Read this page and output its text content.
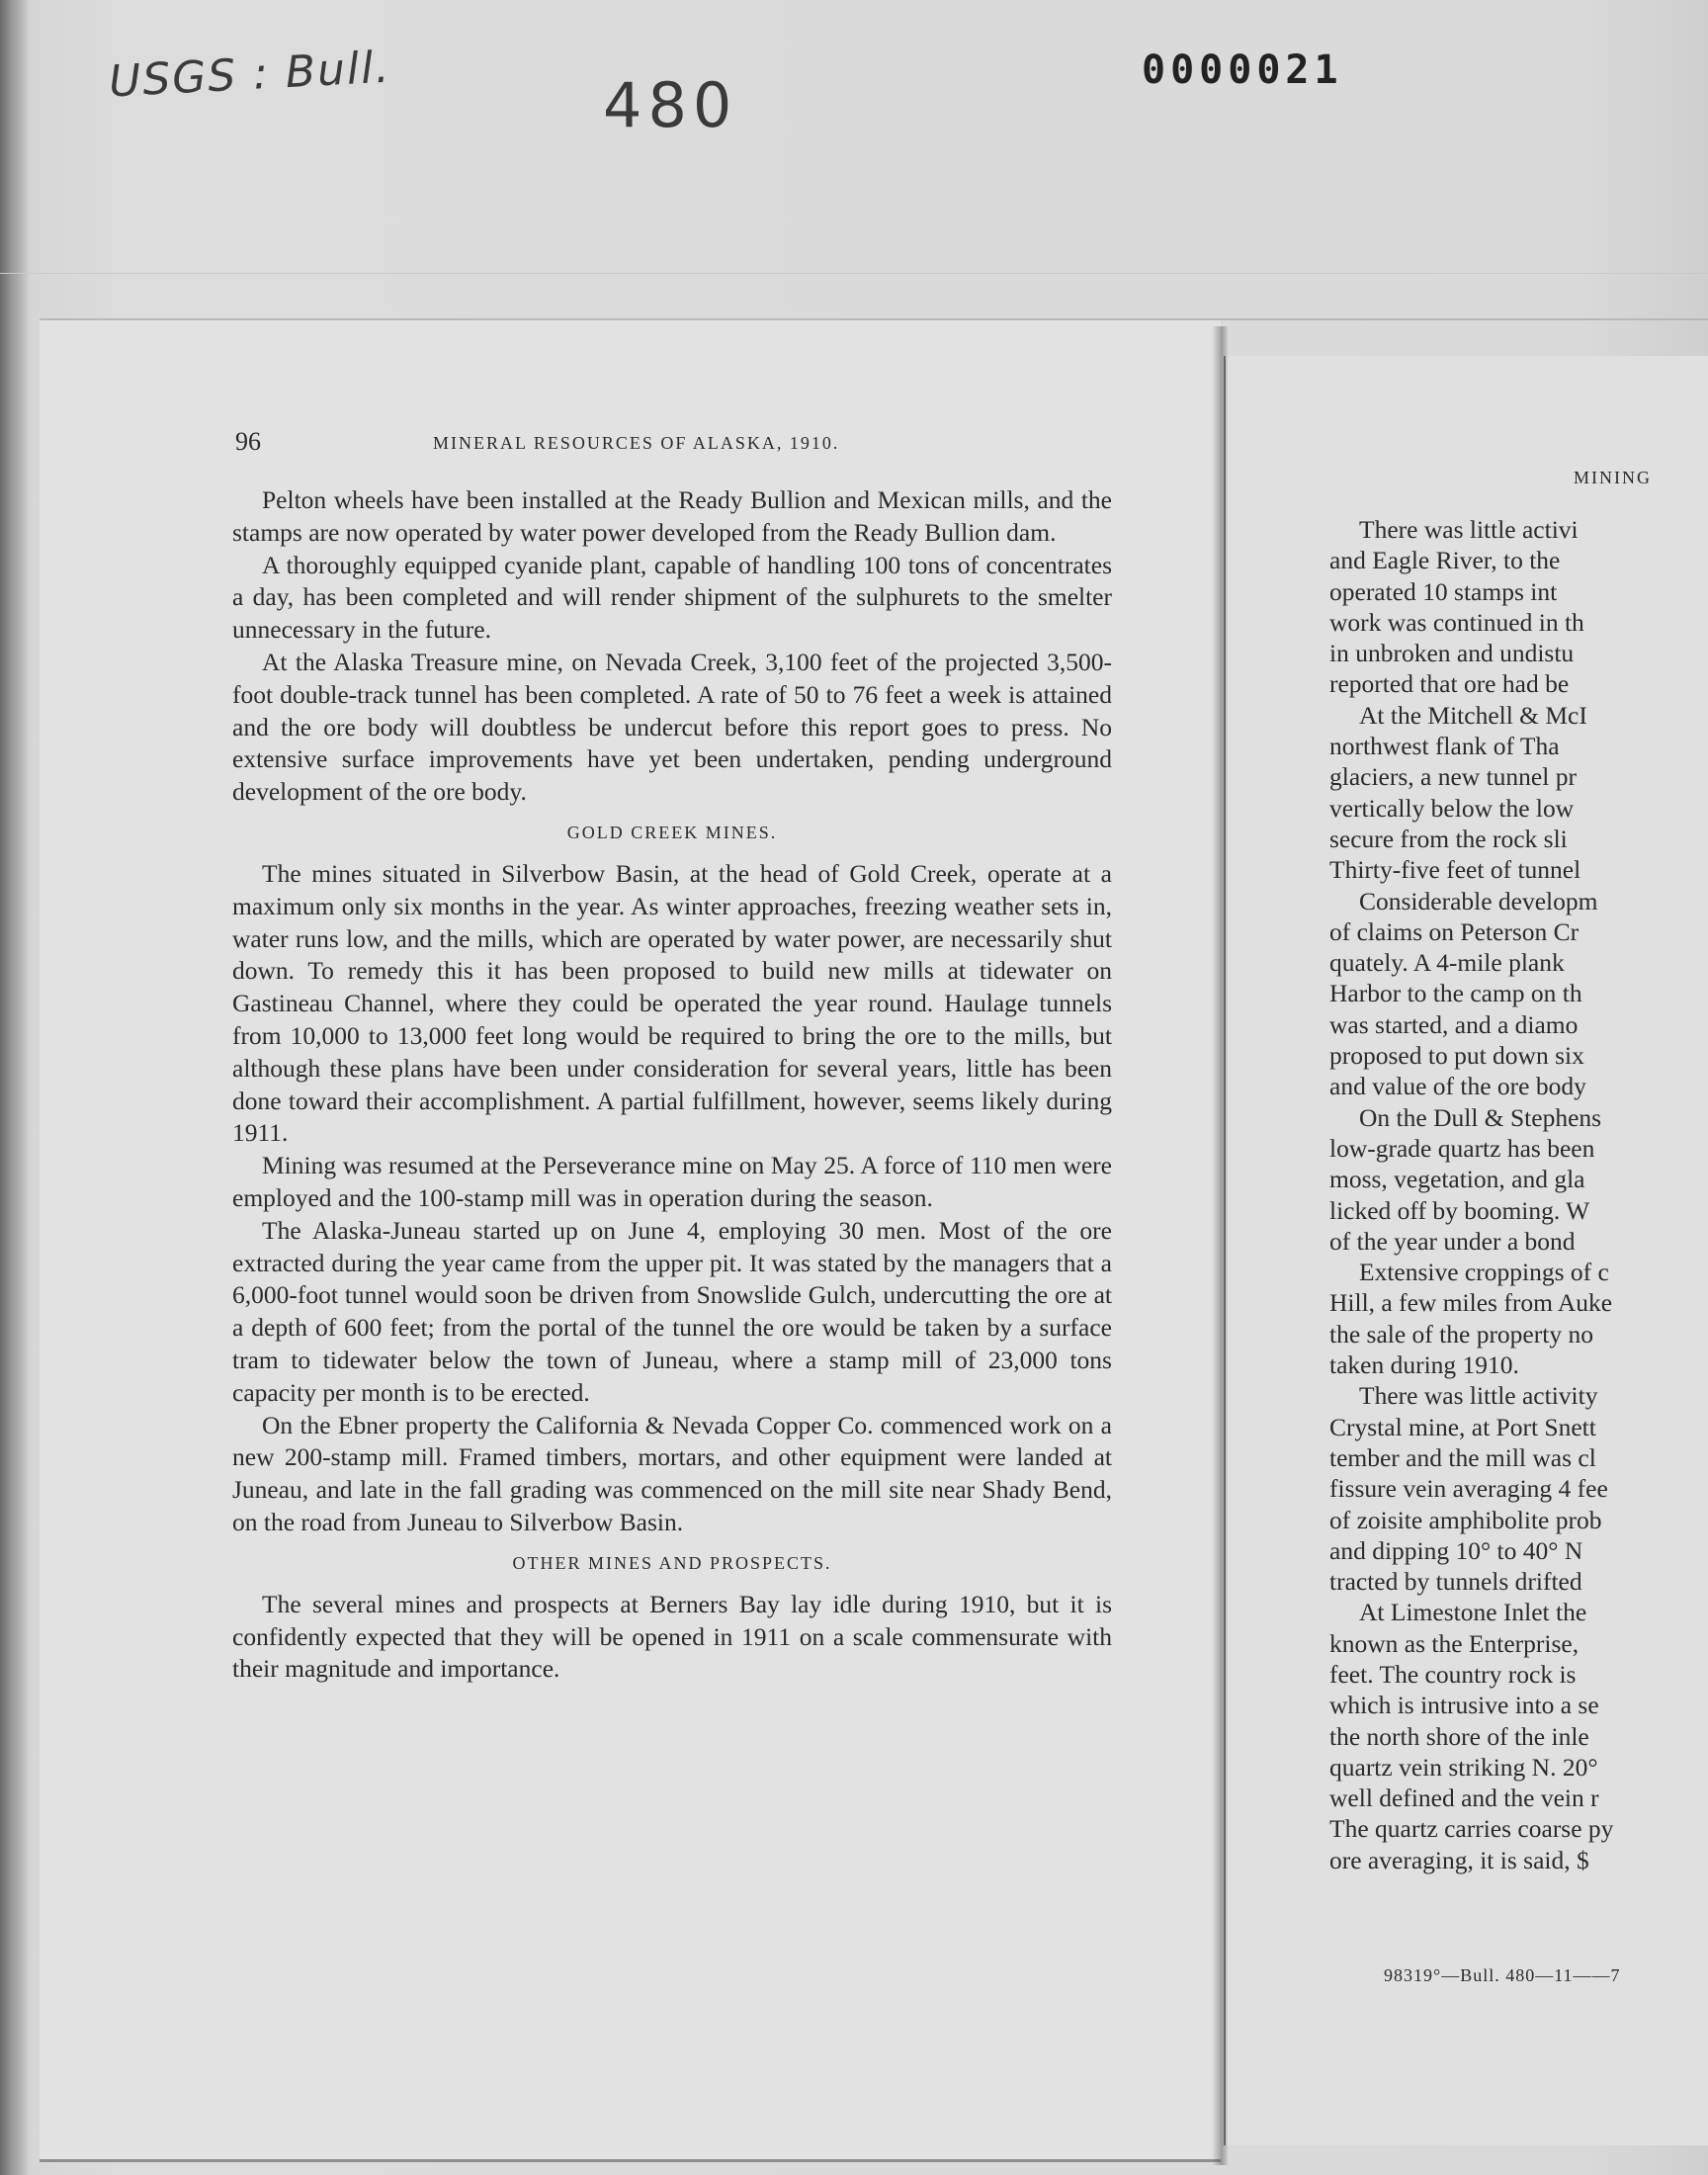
USGS : Bull.	480	0000021
96	MINERAL RESOURCES OF ALASKA, 1910.

Pelton wheels have been installed at the Ready Bullion and Mexican mills, and the stamps are now operated by water power developed from the Ready Bullion dam.

A thoroughly equipped cyanide plant, capable of handling 100 tons of concentrates a day, has been completed and will render shipment of the sulphurets to the smelter unnecessary in the future.

At the Alaska Treasure mine, on Nevada Creek, 3,100 feet of the projected 3,500-foot double-track tunnel has been completed. A rate of 50 to 76 feet a week is attained and the ore body will doubtless be undercut before this report goes to press. No extensive surface improvements have yet been undertaken, pending underground development of the ore body.

GOLD CREEK MINES.

The mines situated in Silverbow Basin, at the head of Gold Creek, operate at a maximum only six months in the year. As winter approaches, freezing weather sets in, water runs low, and the mills, which are operated by water power, are necessarily shut down. To remedy this it has been proposed to build new mills at tidewater on Gastineau Channel, where they could be operated the year round. Haulage tunnels from 10,000 to 13,000 feet long would be required to bring the ore to the mills, but although these plans have been under consideration for several years, little has been done toward their accomplishment. A partial fulfillment, however, seems likely during 1911.

Mining was resumed at the Perseverance mine on May 25. A force of 110 men were employed and the 100-stamp mill was in operation during the season.

The Alaska-Juneau started up on June 4, employing 30 men. Most of the ore extracted during the year came from the upper pit. It was stated by the managers that a 6,000-foot tunnel would soon be driven from Snowslide Gulch, undercutting the ore at a depth of 600 feet; from the portal of the tunnel the ore would be taken by a surface tram to tidewater below the town of Juneau, where a stamp mill of 23,000 tons capacity per month is to be erected.

On the Ebner property the California & Nevada Copper Co. commenced work on a new 200-stamp mill. Framed timbers, mortars, and other equipment were landed at Juneau, and late in the fall grading was commenced on the mill site near Shady Bend, on the road from Juneau to Silverbow Basin.

OTHER MINES AND PROSPECTS.

The several mines and prospects at Berners Bay lay idle during 1910, but it is confidently expected that they will be opened in 1911 on a scale commensurate with their magnitude and importance.

MINING
There was little activi
and Eagle River, to the
operated 10 stamps int
work was continued in th
in unbroken and undistu
reported that ore had be
At the Mitchell & McI
northwest flank of Tha
glaciers, a new tunnel pr
vertically below the low
secure from the rock sli
Thirty-five feet of tunnel
Considerable developm
of claims on Peterson Cr
quately. A 4-mile plank
Harbor to the camp on th
was started, and a diamo
proposed to put down six
and value of the ore body
On the Dull & Stephens
low-grade quartz has been
moss, vegetation, and gla
licked off by booming. W
of the year under a bond
Extensive croppings of c
Hill, a few miles from Auke
the sale of the property no
taken during 1910.
There was little activity
Crystal mine, at Port Snett
tember and the mill was cl
fissure vein averaging 4 fee
of zoisite amphibolite prob
and dipping 10° to 40° N
tracted by tunnels drifted
At Limestone Inlet the
known as the Enterprise,
feet. The country rock is
which is intrusive into a se
the north shore of the inle
quartz vein striking N. 20°
well defined and the vein r
The quartz carries coarse py
ore averaging, it is said, $
98319°—Bull. 480—11——7
